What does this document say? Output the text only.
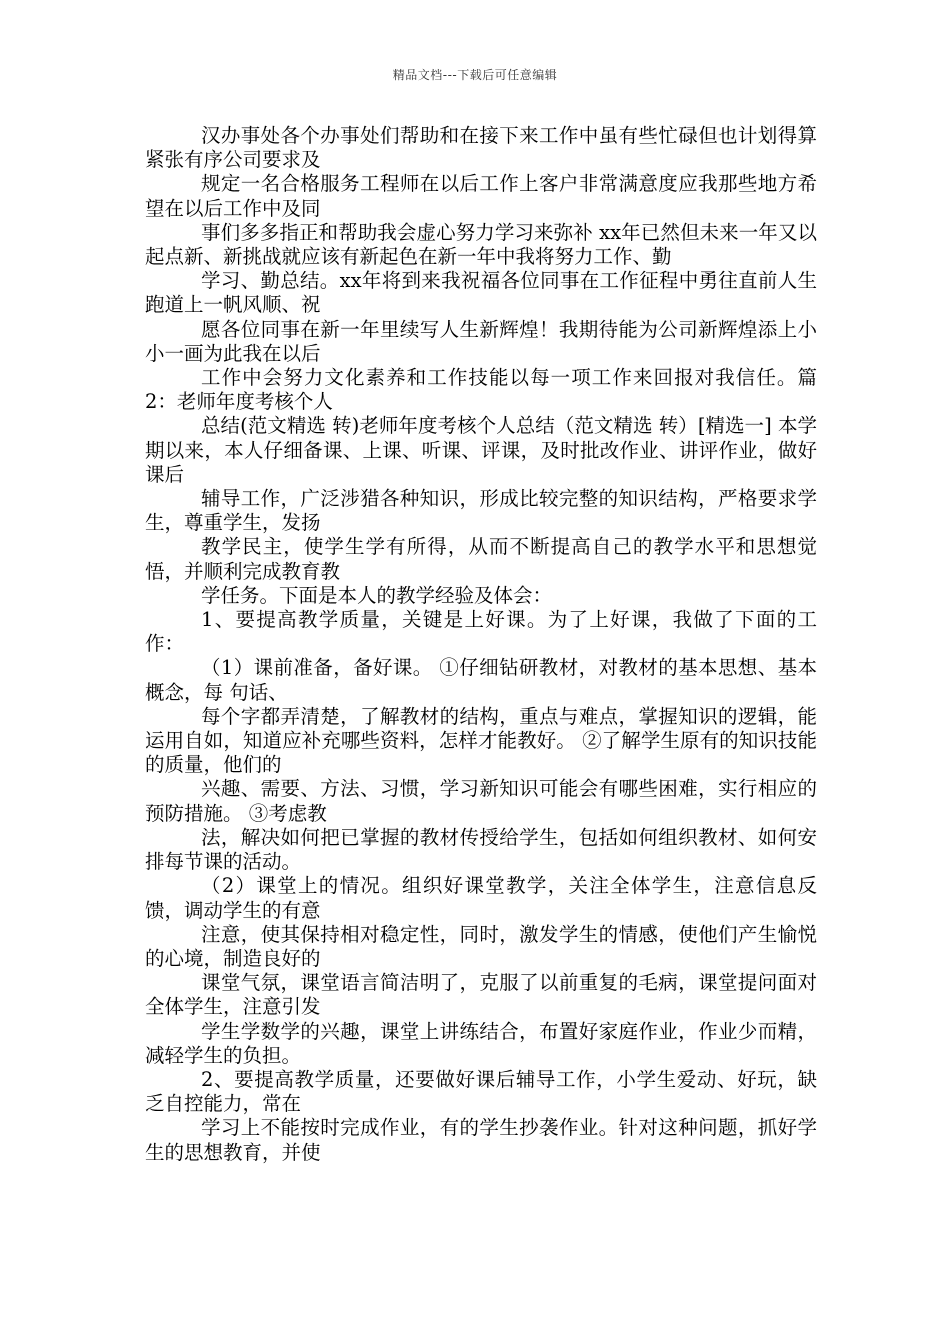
精品文档---下载后可任意编辑

汉办事处各个办事处们帮助和在接下来工作中虽有些忙碌但也计划得算紧张有序公司要求及

规定一名合格服务工程师在以后工作上客户非常满意度应我那些地方希望在以后工作中及同

事们多多指正和帮助我会虚心努力学习来弥补 xx年已然但未来一年又以起点新、新挑战就应该有新起色在新一年中我将努力工作、勤

学习、勤总结。xx年将到来我祝福各位同事在工作征程中勇往直前人生跑道上一帆风顺、祝

愿各位同事在新一年里续写人生新辉煌！我期待能为公司新辉煌添上小小一画为此我在以后

工作中会努力文化素养和工作技能以每一项工作来回报对我信任。篇2：老师年度考核个人

总结(范文精选 转)老师年度考核个人总结（范文精选 转）[精选一] 本学期以来，本人仔细备课、上课、听课、评课，及时批改作业、讲评作业，做好课后

辅导工作，广泛涉猎各种知识，形成比较完整的知识结构，严格要求学生，尊重学生，发扬

教学民主，使学生学有所得，从而不断提高自己的教学水平和思想觉悟，并顺利完成教育教

学任务。下面是本人的教学经验及体会：

1、要提高教学质量，关键是上好课。为了上好课，我做了下面的工作：

（1）课前准备，备好课。 ①仔细钻研教材，对教材的基本思想、基本概念，每 句话、

每个字都弄清楚，了解教材的结构，重点与难点，掌握知识的逻辑，能运用自如，知道应补充哪些资料，怎样才能教好。 ②了解学生原有的知识技能的质量，他们的

兴趣、需要、方法、习惯，学习新知识可能会有哪些困难，实行相应的预防措施。 ③考虑教

法，解决如何把已掌握的教材传授给学生，包括如何组织教材、如何安排每节课的活动。

（2）课堂上的情况。组织好课堂教学，关注全体学生，注意信息反馈，调动学生的有意

注意，使其保持相对稳定性，同时，激发学生的情感，使他们产生愉悦的心境，制造良好的

课堂气氛，课堂语言简洁明了，克服了以前重复的毛病，课堂提问面对全体学生，注意引发

学生学数学的兴趣，课堂上讲练结合，布置好家庭作业，作业少而精，减轻学生的负担。

2、要提高教学质量，还要做好课后辅导工作，小学生爱动、好玩，缺乏自控能力，常在

学习上不能按时完成作业，有的学生抄袭作业。针对这种问题，抓好学生的思想教育，并使
